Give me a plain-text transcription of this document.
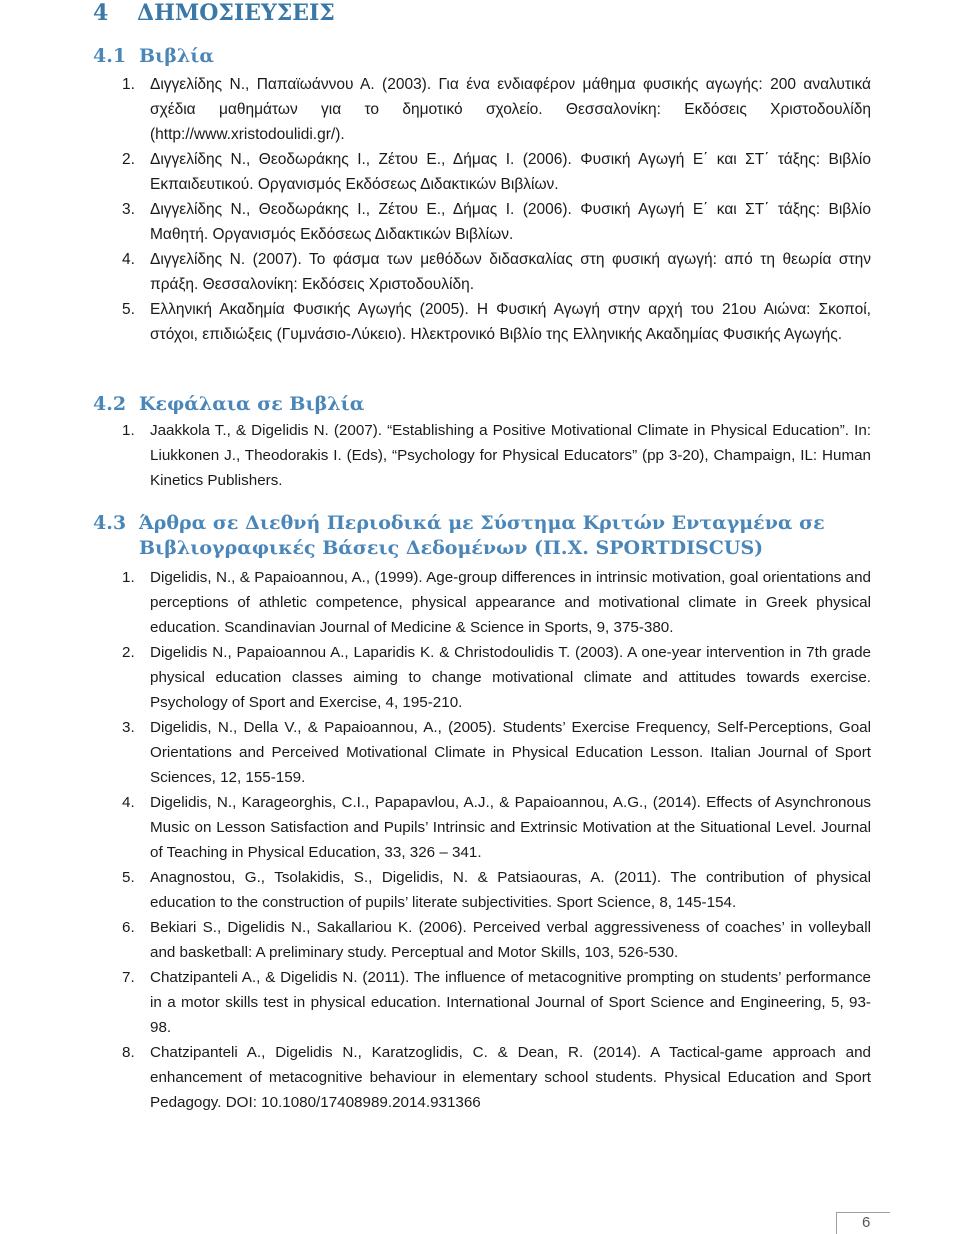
4 ΔΗΜΟΣΙΕΥΣΕΙΣ
4.1 Βιβλία
1. Διγγελίδης Ν., Παπαϊωάννου Α. (2003). Για ένα ενδιαφέρον μάθημα φυσικής αγωγής: 200 αναλυτικά σχέδια μαθημάτων για το δημοτικό σχολείο. Θεσσαλονίκη: Εκδόσεις Χριστοδουλίδη (http://www.xristodoulidi.gr/).
2. Διγγελίδης Ν., Θεοδωράκης Ι., Ζέτου Ε., Δήμας Ι. (2006). Φυσική Αγωγή Ε΄ και ΣΤ΄ τάξης: Βιβλίο Εκπαιδευτικού. Οργανισμός Εκδόσεως Διδακτικών Βιβλίων.
3. Διγγελίδης Ν., Θεοδωράκης Ι., Ζέτου Ε., Δήμας Ι. (2006). Φυσική Αγωγή Ε΄ και ΣΤ΄ τάξης: Βιβλίο Μαθητή. Οργανισμός Εκδόσεως Διδακτικών Βιβλίων.
4. Διγγελίδης Ν. (2007). Το φάσμα των μεθόδων διδασκαλίας στη φυσική αγωγή: από τη θεωρία στην πράξη. Θεσσαλονίκη: Εκδόσεις Χριστοδουλίδη.
5. Ελληνική Ακαδημία Φυσικής Αγωγής (2005). Η Φυσική Αγωγή στην αρχή του 21ου Αιώνα: Σκοποί, στόχοι, επιδιώξεις (Γυμνάσιο-Λύκειο). Ηλεκτρονικό Βιβλίο της Ελληνικής Ακαδημίας Φυσικής Αγωγής.
4.2 Κεφάλαια σε Βιβλία
1. Jaakkola T., & Digelidis N. (2007). “Establishing a Positive Motivational Climate in Physical Education”. In: Liukkonen J., Theodorakis I. (Eds), “Psychology for Physical Educators” (pp 3-20), Champaign, IL: Human Kinetics Publishers.
4.3 Άρθρα σε Διεθνή Περιοδικά με Σύστημα Κριτών Ενταγμένα σε Βιβλιογραφικές Βάσεις Δεδομένων (Π.Χ. SPORTDISCUS)
1. Digelidis, N., & Papaioannou, A., (1999). Age-group differences in intrinsic motivation, goal orientations and perceptions of athletic competence, physical appearance and motivational climate in Greek physical education. Scandinavian Journal of Medicine & Science in Sports, 9, 375-380.
2. Digelidis N., Papaioannou A., Laparidis K. & Christodoulidis T. (2003). A one-year intervention in 7th grade physical education classes aiming to change motivational climate and attitudes towards exercise. Psychology of Sport and Exercise, 4, 195-210.
3. Digelidis, N., Della V., & Papaioannou, A., (2005). Students’ Exercise Frequency, Self-Perceptions, Goal Orientations and Perceived Motivational Climate in Physical Education Lesson. Italian Journal of Sport Sciences, 12, 155-159.
4. Digelidis, N., Karageorghis, C.I., Papapavlou, A.J., & Papaioannou, A.G., (2014). Effects of Asynchronous Music on Lesson Satisfaction and Pupils’ Intrinsic and Extrinsic Motivation at the Situational Level. Journal of Teaching in Physical Education, 33, 326 – 341.
5. Anagnostou, G., Tsolakidis, S., Digelidis, N. & Patsiaouras, A. (2011). The contribution of physical education to the construction of pupils’ literate subjectivities. Sport Science, 8, 145-154.
6. Bekiari S., Digelidis N., Sakallariou K. (2006). Perceived verbal aggressiveness of coaches’ in volleyball and basketball: A preliminary study. Perceptual and Motor Skills, 103, 526-530.
7. Chatzipanteli A., & Digelidis N. (2011). The influence of metacognitive prompting on students’ performance in a motor skills test in physical education. International Journal of Sport Science and Engineering, 5, 93-98.
8. Chatzipanteli A., Digelidis N., Karatzoglidis, C. & Dean, R. (2014). A Tactical-game approach and enhancement of metacognitive behaviour in elementary school students. Physical Education and Sport Pedagogy. DOI: 10.1080/17408989.2014.931366
6
